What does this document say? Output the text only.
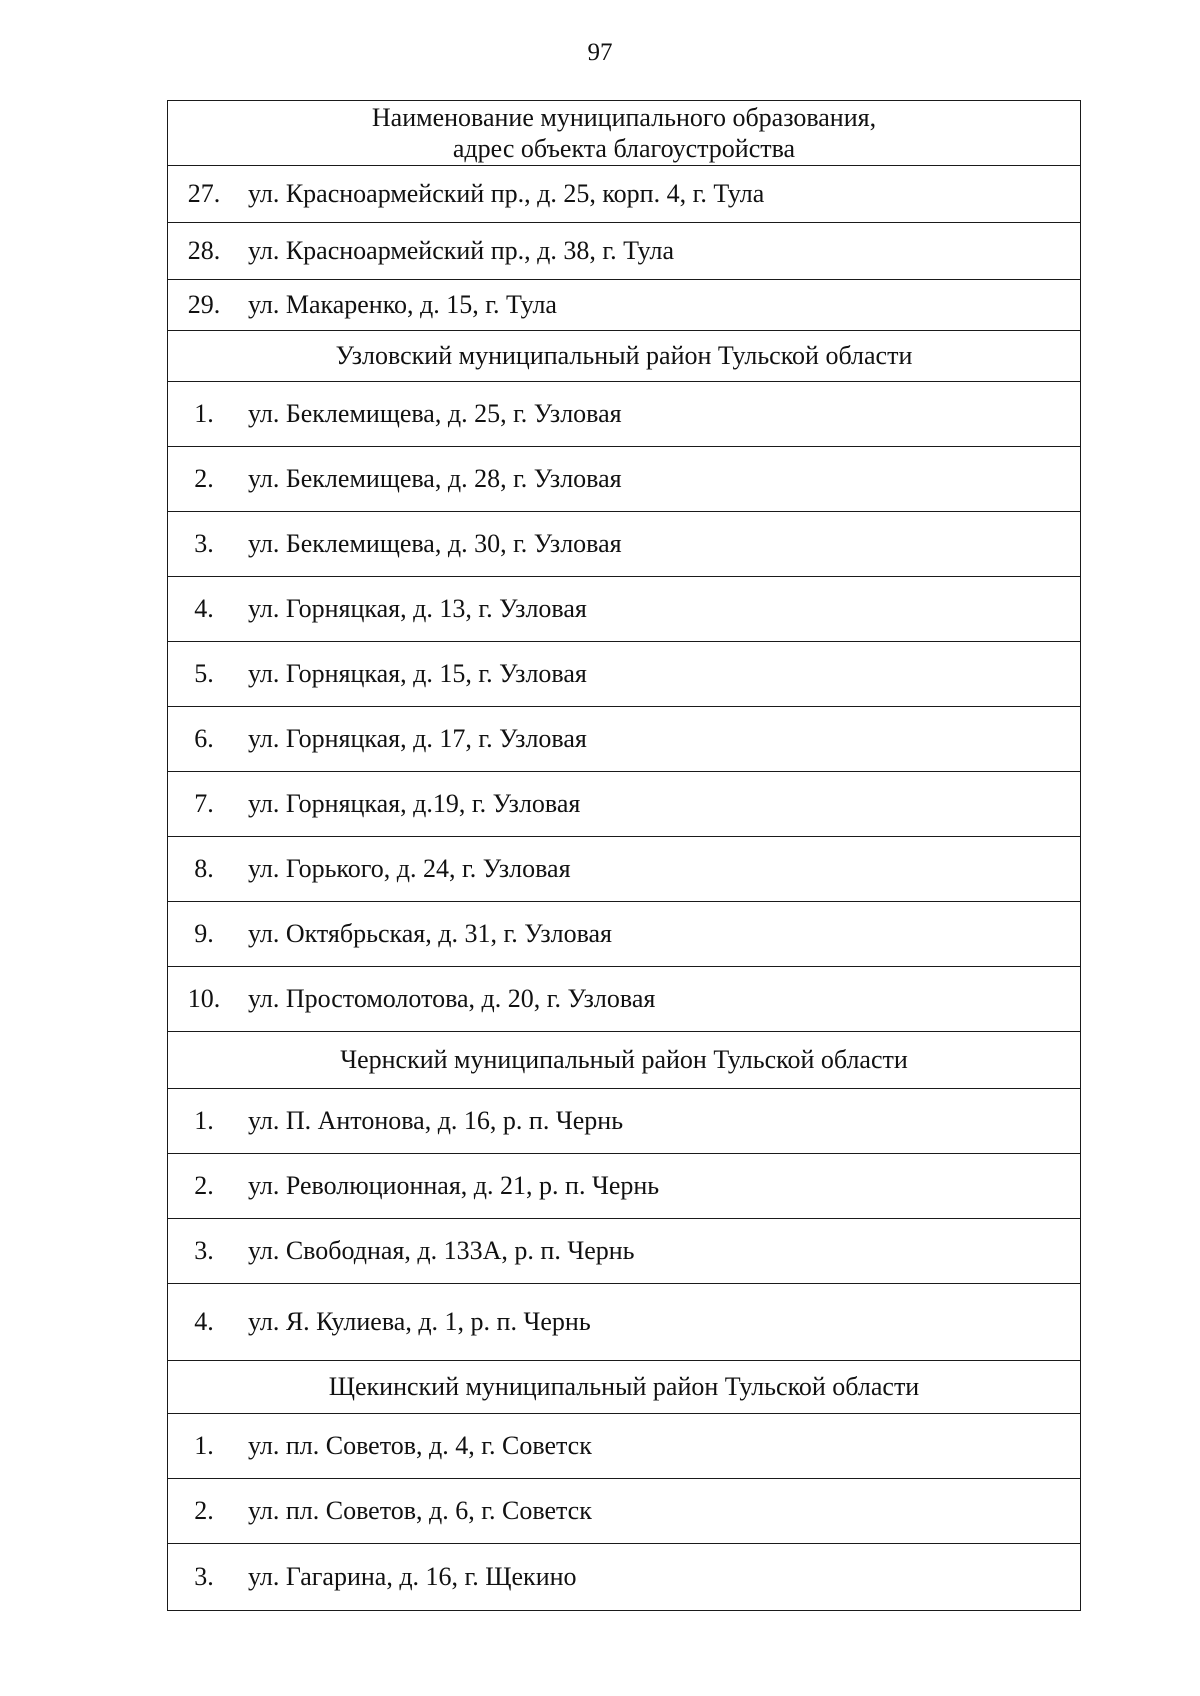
97
Наименование муниципального образования,
адрес объекта благоустройства

27.	ул. Красноармейский пр., д. 25, корп. 4, г. Тула

28.	ул. Красноармейский пр., д. 38, г. Тула

29.	ул. Макаренко, д. 15, г. Тула

Узловский муниципальный район Тульской области

1.	ул. Беклемищева, д. 25, г. Узловая

2.	ул. Беклемищева, д. 28, г. Узловая

3.	ул. Беклемищева, д. 30, г. Узловая

4.	ул. Горняцкая, д. 13, г. Узловая

5.	ул. Горняцкая, д. 15, г. Узловая

6.	ул. Горняцкая, д. 17, г. Узловая

7.	ул. Горняцкая, д.19, г. Узловая

8.	ул. Горького, д. 24, г. Узловая

9.	ул. Октябрьская, д. 31, г. Узловая

10.	ул. Простомолотова, д. 20, г. Узловая

Чернский муниципальный район Тульской области

1.	ул. П. Антонова, д. 16, р. п. Чернь

2.	ул. Революционная, д. 21, р. п. Чернь

3.	ул. Свободная, д. 133А, р. п. Чернь

4.	ул. Я. Кулиева, д. 1, р. п. Чернь

Щекинский муниципальный район Тульской области

1.	ул. пл. Советов, д. 4, г. Советск

2.	ул. пл. Советов, д. 6, г. Советск

3.	ул. Гагарина, д. 16, г. Щекино
